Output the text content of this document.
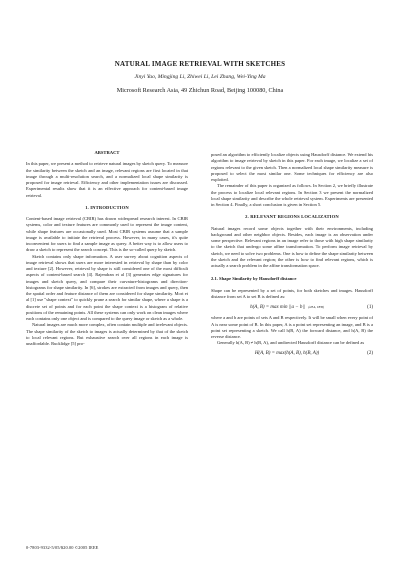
NATURAL IMAGE RETRIEVAL WITH SKETCHES
Jinyi Yao, Mingjing Li, Zhiwei Li, Lei Zhang, Wei-Ying Ma
Microsoft Research Asia, 49 Zhichun Road, Beijing 100080, China
ABSTRACT

In this paper, we present a method to retrieve natural images by sketch query. To measure the similarity between the sketch and an image, relevant regions are first located in that image through a multi-resolution search, and a normalized local shape similarity is proposed for image retrieval. Efficiency and other implementation issues are discussed. Experimental results show that it is an effective approach for content-based image retrieval.

1. INTRODUCTION

Content-based image retrieval (CBIR) has drawn widespread research interest. In CBIR systems, color and texture features are commonly used to represent the image content, while shape features are occasionally used. Most CBIR systems assume that a sample image is available to initiate the retrieval process. However, in many cases, it's quite inconvenient for users to find a sample image as query. A better way is to allow users to draw a sketch to represent the search concept. This is the so-called query by sketch.

Sketch contains only shape information. A user survey about cognition aspects of image retrieval shows that users are more interested in retrieval by shape than by color and texture [2]. However, retrieval by shape is still considered one of the most difficult aspects of content-based search [4]. Rajendran et al [3] generates edge signatures for images and sketch query, and compare their curvature-histograms and direction-histograms for shape similarity. In [6], strokes are extracted from images and query, then the spatial order and feature distance of them are considered for shape similarity. Mori et al [1] use "shape context" to quickly prune a search for similar shape, where a shape is a discrete set of points and for each point the shape context is a histogram of relative positions of the remaining points. All these systems can only work on clean images where each contains only one object and is compared to the query image or sketch as a whole.

Natural images are much more complex, often contain multiple and irrelevant objects. The shape similarity of the sketch to images is actually determined by that of the sketch to local relevant regions. But exhaustive search over all regions in each image is unaffordable. Rucklidge [5] pro-

posed an algorithm to efficiently localize objects using Hausdorff distance. We extend his algorithm to image retrieval by sketch in this paper. For each image, we localize a set of regions relevant to the given sketch. Then a normalized local shape similarity measure is proposed to select the most similar one. Some techniques for efficiency are also exploited.

The remainder of this paper is organized as follows. In Section 2, we briefly illustrate the process to localize local relevant regions. In Section 3 we present the normalized local shape similarity and describe the whole retrieval system. Experiments are presented in Section 4. Finally, a short conclusion is given in Section 5.

2. RELEVANT REGIONS LOCALIZATION

Natural images record some objects together with their environments, including background and other neighbor objects. Besides, each image is an observation under some perspective. Relevant regions in an image refer to those with high shape similarity to the sketch that undergo some affine transformation. To perform image retrieval by sketch, we need to solve two problems. One is how to define the shape similarity between the sketch and the relevant region; the other is how to find relevant regions, which is actually a search problem in the affine transformation space.

2.1. Shape Similarity by Hausdorff distance

Shape can be represented by a set of points, for both sketches and images. Hausdorff distance from set A to set B is defined as:

h(A, B) = max min ||a − b|| (a∈A, b∈B)	(1)

where a and b are points of sets A and B respectively. It will be small when every point of A is near some point of B. In this paper, A is a point set representing an image, and B is a point set representing a sketch. We call h(B, A) the forward distance, and h(A, B) the reverse distance.

Generally h(A, B) ≠ h(B, A), and undirected Hausdorff distance can be defined as

H(A, B) = max(h(A, B), h(B, A))	(2)
0-7803-9332-5/05/$20.00 ©2005 IEEE
